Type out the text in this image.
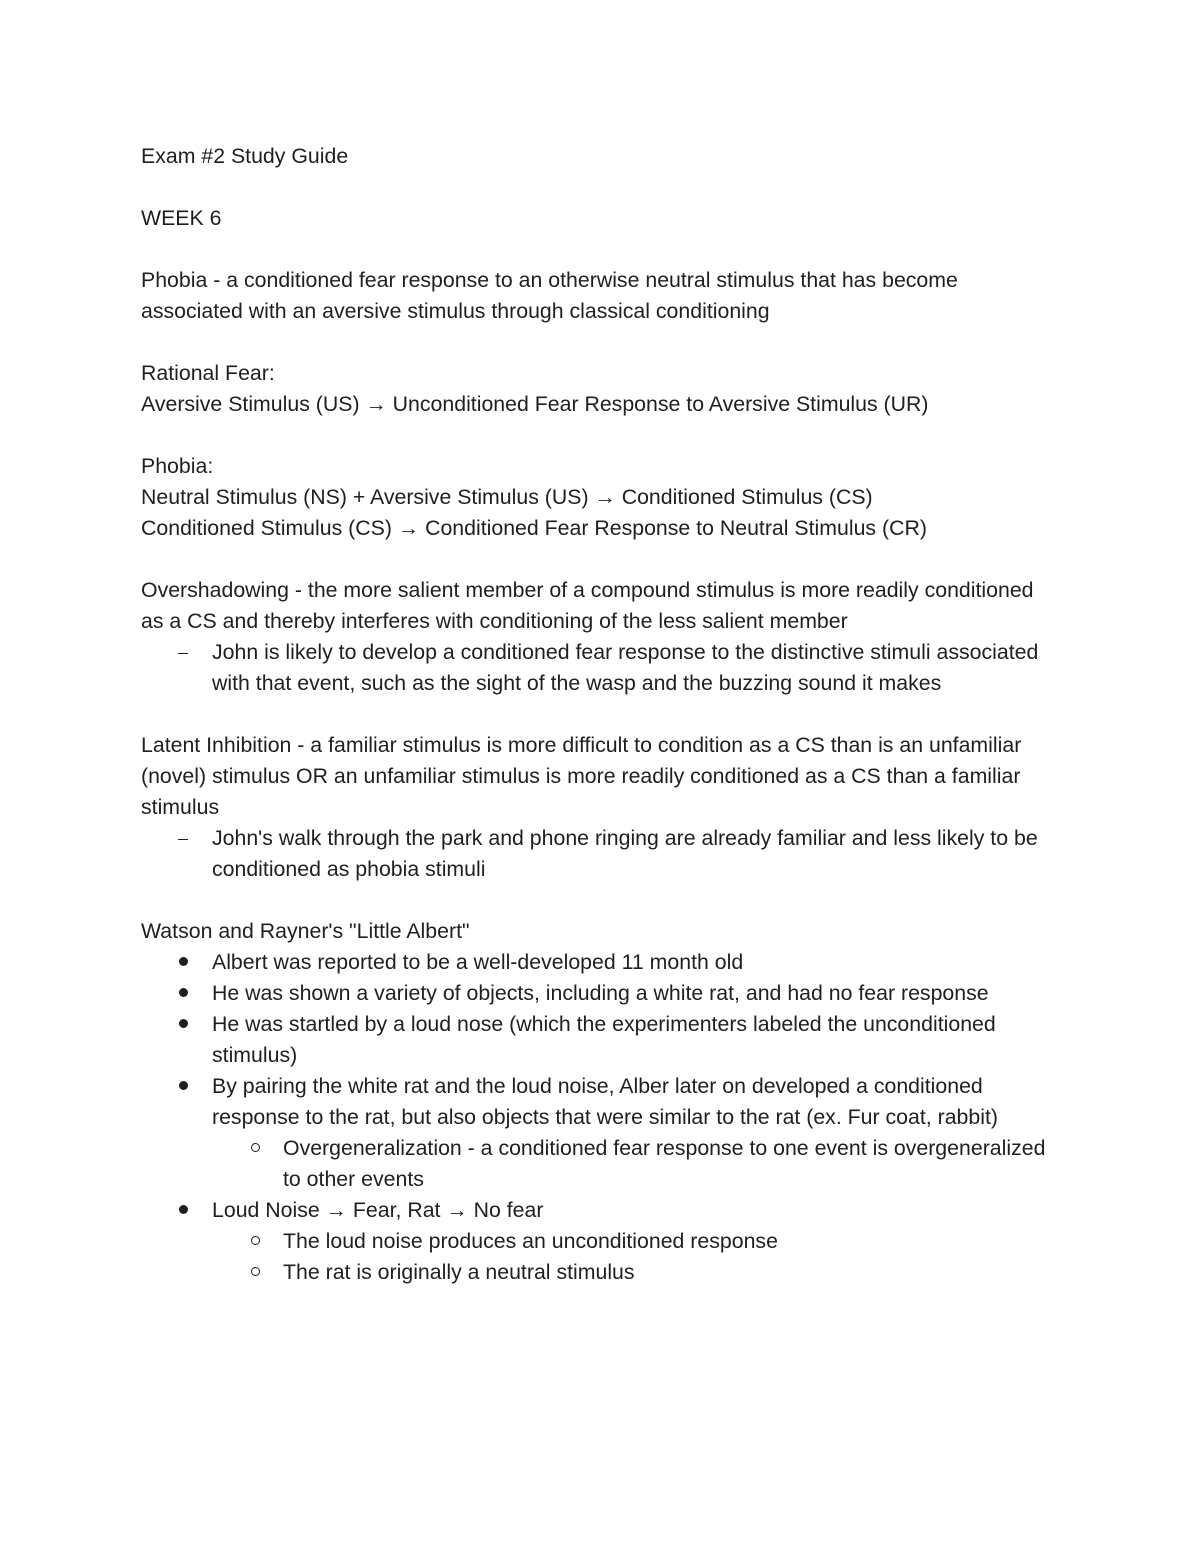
Exam #2 Study Guide

WEEK 6

Phobia - a conditioned fear response to an otherwise neutral stimulus that has become associated with an aversive stimulus through classical conditioning

Rational Fear:

Aversive Stimulus (US) → Unconditioned Fear Response to Aversive Stimulus (UR)

Phobia:

Neutral Stimulus (NS) + Aversive Stimulus (US) → Conditioned Stimulus (CS)

Conditioned Stimulus (CS) → Conditioned Fear Response to Neutral Stimulus (CR)

Overshadowing - the more salient member of a compound stimulus is more readily conditioned as a CS and thereby interferes with conditioning of the less salient member

John is likely to develop a conditioned fear response to the distinctive stimuli associated with that event, such as the sight of the wasp and the buzzing sound it makes

Latent Inhibition - a familiar stimulus is more difficult to condition as a CS than is an unfamiliar (novel) stimulus OR an unfamiliar stimulus is more readily conditioned as a CS than a familiar stimulus

John's walk through the park and phone ringing are already familiar and less likely to be conditioned as phobia stimuli

Watson and Rayner's "Little Albert"

Albert was reported to be a well-developed 11 month old
He was shown a variety of objects, including a white rat, and had no fear response
He was startled by a loud nose (which the experimenters labeled the unconditioned stimulus)
By pairing the white rat and the loud noise, Alber later on developed a conditioned response to the rat, but also objects that were similar to the rat (ex. Fur coat, rabbit)
Overgeneralization - a conditioned fear response to one event is overgeneralized to other events
Loud Noise → Fear, Rat → No fear
The loud noise produces an unconditioned response
The rat is originally a neutral stimulus
